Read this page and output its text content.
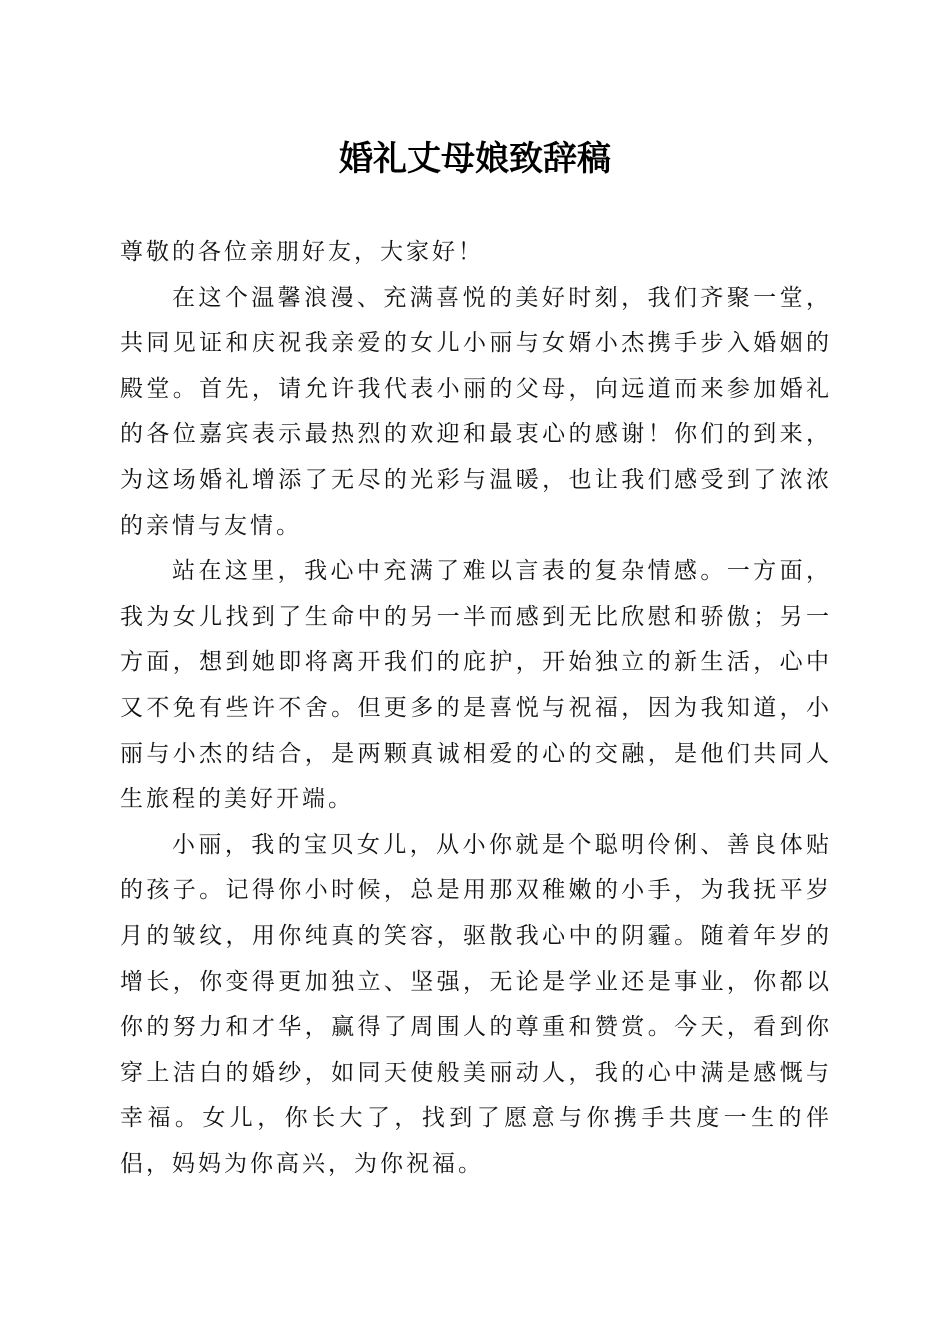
婚礼丈母娘致辞稿

尊敬的各位亲朋好友，大家好！

在这个温馨浪漫、充满喜悦的美好时刻，我们齐聚一堂，共同见证和庆祝我亲爱的女儿小丽与女婿小杰携手步入婚姻的殿堂。首先，请允许我代表小丽的父母，向远道而来参加婚礼的各位嘉宾表示最热烈的欢迎和最衷心的感谢！你们的到来，为这场婚礼增添了无尽的光彩与温暖，也让我们感受到了浓浓的亲情与友情。

站在这里，我心中充满了难以言表的复杂情感。一方面，我为女儿找到了生命中的另一半而感到无比欣慰和骄傲；另一方面，想到她即将离开我们的庇护，开始独立的新生活，心中又不免有些许不舍。但更多的是喜悦与祝福，因为我知道，小丽与小杰的结合，是两颗真诚相爱的心的交融，是他们共同人生旅程的美好开端。

小丽，我的宝贝女儿，从小你就是个聪明伶俐、善良体贴的孩子。记得你小时候，总是用那双稚嫩的小手，为我抚平岁月的皱纹，用你纯真的笑容，驱散我心中的阴霾。随着年岁的增长，你变得更加独立、坚强，无论是学业还是事业，你都以你的努力和才华，赢得了周围人的尊重和赞赏。今天，看到你穿上洁白的婚纱，如同天使般美丽动人，我的心中满是感慨与幸福。女儿，你长大了，找到了愿意与你携手共度一生的伴侣，妈妈为你高兴，为你祝福。
